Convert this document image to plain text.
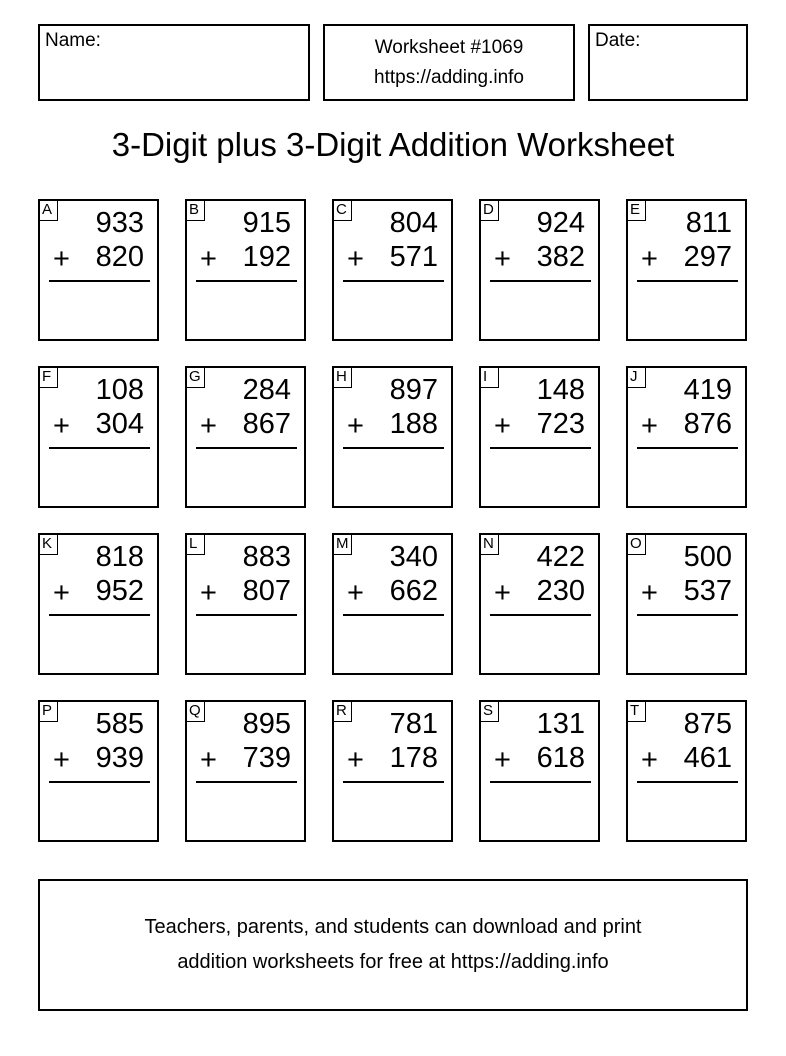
Name:	Worksheet #1069
https://adding.info
Date:
3-Digit plus 3-Digit Addition Worksheet
A 933
+ 820
B 915
+ 192
C 804
+ 571
D 924
+ 382
E 811
+ 297
F 108
+ 304
G 284
+ 867
H 897
+ 188
I	148
+ 723
J 419
+ 876
K 818
+ 952
L 883
+ 807
M 340
+ 662
N 422
+ 230
O 500
+ 537
P 585
+ 939
Q 895
+ 739
R 781
+ 178
S 131
+ 618
T 875
+ 461
Teachers, parents, and students can download and print
addition worksheets for free at https://adding.info
